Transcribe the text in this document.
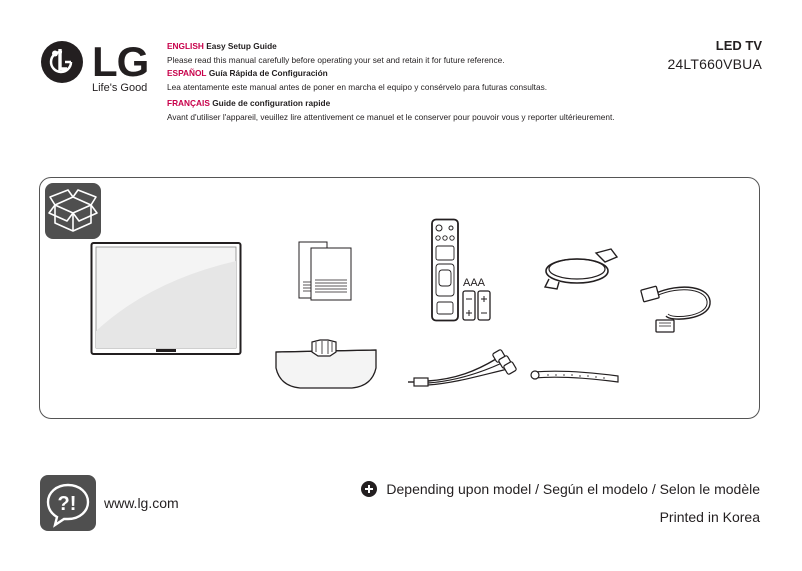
LG
Life's Good
ENGLISH Easy Setup Guide
Please read this manual carefully before operating your set and retain it for future reference.
ESPAÑOL Guía Rápida de Configuración
Lea atentamente este manual antes de poner en marcha el equipo y consérvelo para futuras consultas.
FRANÇAIS Guide de configuration rapide
Avant d'utiliser l'appareil, veuillez lire attentivement ce manuel et le conserver pour pouvoir vous y reporter ultérieurement.
LED TV
24LT660VBUA
AAA
?! www.lg.com
Depending upon model / Según el modelo / Selon le modèle
Printed in Korea
